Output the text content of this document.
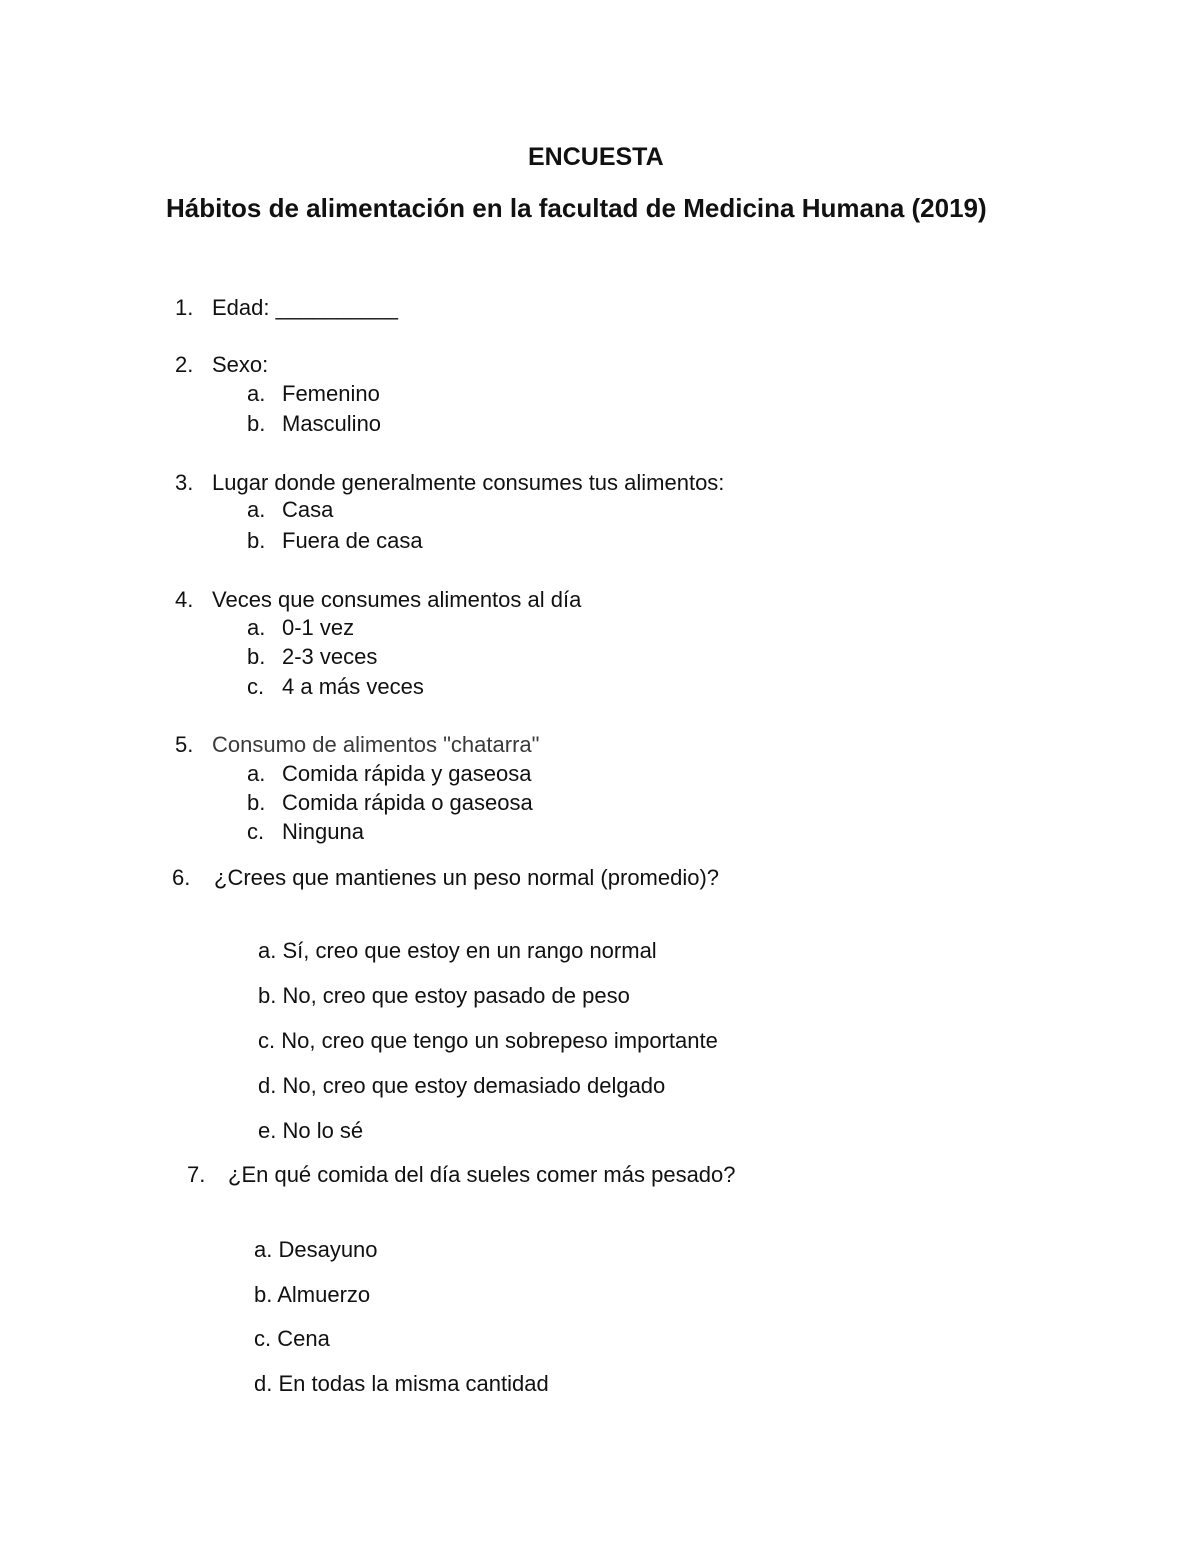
ENCUESTA
Hábitos de alimentación en la facultad de Medicina Humana (2019)
1. Edad: __________
2. Sexo:
a. Femenino
b. Masculino
3. Lugar donde generalmente consumes tus alimentos:
a. Casa
b. Fuera de casa
4. Veces que consumes alimentos al día
a. 0-1 vez
b. 2-3 veces
c. 4 a más veces
5. Consumo de alimentos "chatarra"
a. Comida rápida y gaseosa
b. Comida rápida o gaseosa
c. Ninguna
6. ¿Crees que mantienes un peso normal (promedio)?
a. Sí, creo que estoy en un rango normal
b. No, creo que estoy pasado de peso
c. No, creo que tengo un sobrepeso importante
d. No, creo que estoy demasiado delgado
e. No lo sé
7. ¿En qué comida del día sueles comer más pesado?
a. Desayuno
b. Almuerzo
c. Cena
d. En todas la misma cantidad
